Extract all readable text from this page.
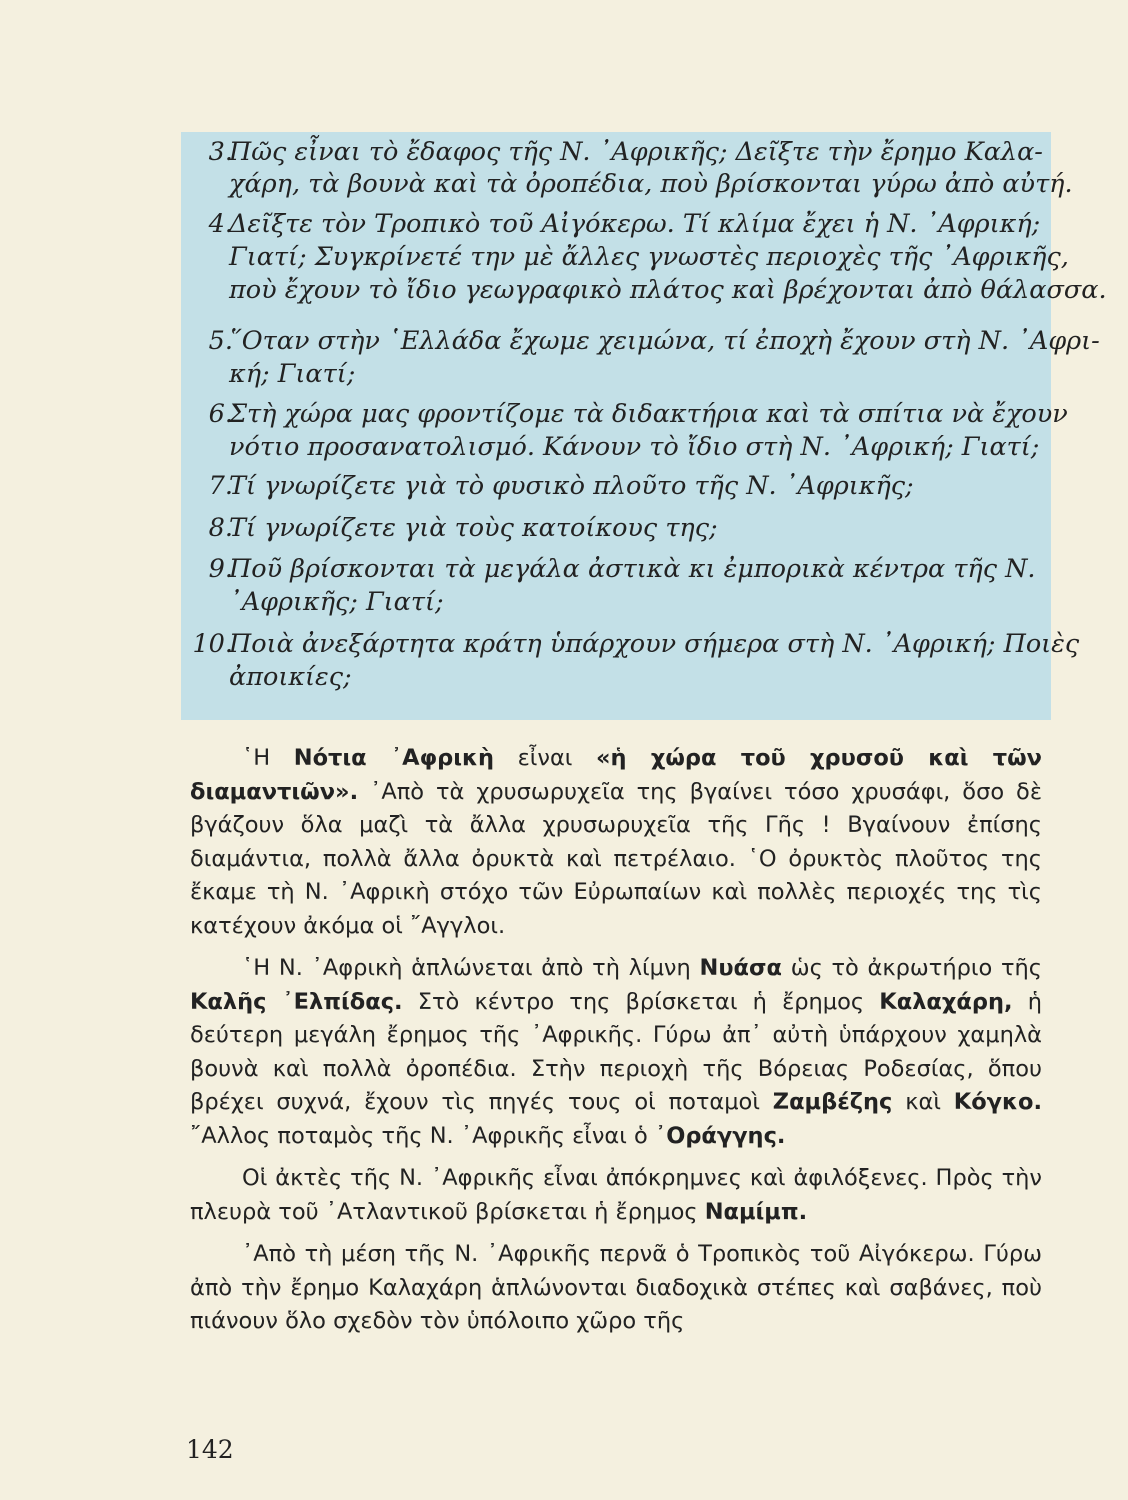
3.
Πῶς εἶναι τὸ ἔδαφος τῆς Ν. ᾿Αφρικῆς; Δεῖξτε τὴν ἔρημο Καλα-
χάρη, τὰ βουνὰ καὶ τὰ ὀροπέδια, ποὺ βρίσκονται γύρω ἀπὸ αὐτή.
4.
Δεῖξτε τὸν Τροπικὸ τοῦ Αἰγόκερω. Τί κλίμα ἔχει ἡ Ν. ᾿Αφρική;
Γιατί; Συγκρίνετέ την μὲ ἄλλες γνωστὲς περιοχὲς τῆς ᾿Αφρικῆς,
ποὺ ἔχουν τὸ ἴδιο γεωγραφικὸ πλάτος καὶ βρέχονται ἀπὸ θάλασσα.
5.
῞Οταν στὴν ῾Ελλάδα ἔχωμε χειμώνα, τί ἐποχὴ ἔχουν στὴ Ν. ᾿Αφρι-
κή; Γιατί;
6.
Στὴ χώρα μας φροντίζομε τὰ διδακτήρια καὶ τὰ σπίτια νὰ ἔχουν
νότιο προσανατολισμό. Κάνουν τὸ ἴδιο στὴ Ν. ᾿Αφρική; Γιατί;
7.
Τί γνωρίζετε γιὰ τὸ φυσικὸ πλοῦτο τῆς Ν. ᾿Αφρικῆς;
8.
Τί γνωρίζετε γιὰ τοὺς κατοίκους της;
9.
Ποῦ βρίσκονται τὰ μεγάλα ἀστικὰ κι ἐμπορικὰ κέντρα τῆς Ν.
᾿Αφρικῆς; Γιατί;
10.
Ποιὰ ἀνεξάρτητα κράτη ὑπάρχουν σήμερα στὴ Ν. ᾿Αφρική; Ποιὲς
ἀποικίες;

῾Η Νότια ᾿Αφρικὴ εἶναι «ἡ χώρα τοῦ χρυσοῦ καὶ τῶν διαμαντιῶν». ᾿Απὸ τὰ χρυσωρυχεῖα της βγαίνει τόσο χρυσάφι, ὅσο δὲ βγάζουν ὅλα μαζὶ τὰ ἄλλα χρυσωρυχεῖα τῆς Γῆς ! Βγαίνουν ἐπίσης διαμάντια, πολλὰ ἄλλα ὀρυκτὰ καὶ πετρέλαιο. ῾Ο ὀρυκτὸς πλοῦτος της ἔκαμε τὴ Ν. ᾿Αφρικὴ στόχο τῶν Εὐρωπαίων καὶ πολλὲς περιοχές της τὶς κατέχουν ἀκόμα οἱ ῎Αγγλοι.

῾Η Ν. ᾿Αφρικὴ ἁπλώνεται ἀπὸ τὴ λίμνη Νυάσα ὡς τὸ ἀκρωτήριο τῆς Καλῆς ᾿Ελπίδας. Στὸ κέντρο της βρίσκεται ἡ ἔρημος Καλαχάρη, ἡ δεύτερη μεγάλη ἔρημος τῆς ᾿Αφρικῆς. Γύρω ἀπ᾿ αὐτὴ ὑπάρχουν χαμηλὰ βουνὰ καὶ πολλὰ ὀροπέδια. Στὴν περιοχὴ τῆς Βόρειας Ροδεσίας, ὅπου βρέχει συχνά, ἔχουν τὶς πηγές τους οἱ ποταμοὶ Ζαμβέζης καὶ Κόγκο. ῎Αλλος ποταμὸς τῆς Ν. ᾿Αφρικῆς εἶναι ὁ ᾿Οράγγης.

Οἱ ἀκτὲς τῆς Ν. ᾿Αφρικῆς εἶναι ἀπόκρημνες καὶ ἀφιλόξενες. Πρὸς τὴν πλευρὰ τοῦ ᾿Ατλαντικοῦ βρίσκεται ἡ ἔρημος Ναμίμπ.

᾿Απὸ τὴ μέση τῆς Ν. ᾿Αφρικῆς περνᾶ ὁ Τροπικὸς τοῦ Αἰγόκερω. Γύρω ἀπὸ τὴν ἔρημο Καλαχάρη ἁπλώνονται διαδοχικὰ στέπες καὶ σαβάνες, ποὺ πιάνουν ὅλο σχεδὸν τὸν ὑπόλοιπο χῶρο τῆς

142
